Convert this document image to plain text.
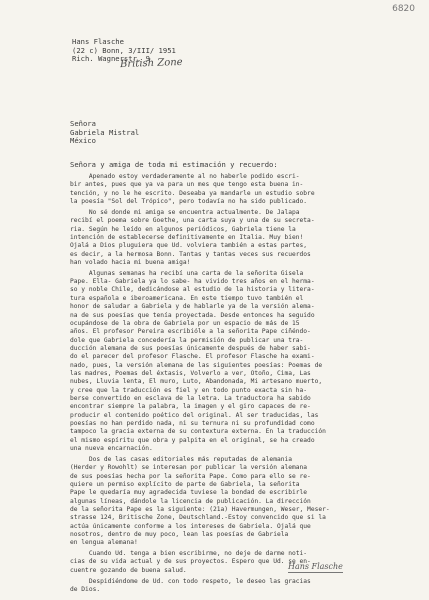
6820
Hans Flasche
(22 c) Bonn, 3/III/ 1951
Rich. Wagnerstr. 9
British Zone
Señora
Gabriela Mistral
México
Señora y amiga de toda mi estimación y recuerdo:

Apenado estoy verdaderamente al no haberle podido escri-
bir antes, pues que ya va para un mes que tengo esta buena in-
tención, y no le he escrito. Deseaba ya mandarle un estudio sobre
la poesía "Sol del Trópico", pero todavía no ha sido publicado.

No sé donde mi amiga se encuentra actualmente. De Jalapa
recibí el poema sobre Goethe, una carta suya y una de su secreta-
ria. Según he leído en algunos periódicos, Gabriela tiene la
intención de establecerse definitivamente en Italia. Muy bien!
Ojalá a Dios pluguiera que Ud. volviera también a estas partes,
es decir, a la hermosa Bonn. Tantas y tantas veces sus recuerdos
han volado hacia mi buena amiga!

Algunas semanas ha recibí una carta de la señorita Gisela
Pape. Ella- Gabriela ya lo sabe- ha vivido tres años en el herma-
so y noble Chile, dedicándose al estudio de la historia y litera-
tura española e iberoamericana. En este tiempo tuvo también el
honor de saludar a Gabriela y de hablarle ya de la versión alema-
na de sus poesías que tenía proyectada. Desde entonces ha seguido
ocupándose de la obra de Gabriela por un espacio de más de 15
años. El profesor Pereira escribióle a la señorita Pape ciñéndo-
dole que Gabriela concedería la permisión de publicar una tra-
ducción alemana de sus poesías únicamente después de haber sabi-
do el parecer del profesor Flasche. El profesor Flasche ha exami-
nado, pues, la versión alemana de las siguientes poesías: Poemas de
las madres, Poemas del éxtasis, Volverlo a ver, Otoño, Cima, Las
nubes, Lluvia lenta, El muro, Luto, Abandonada, Mi artesano muerto,
y cree que la traducción es fiel y en todo punto exacta sin ha-
berse convertido en esclava de la letra. La traductora ha sabido
encontrar siempre la palabra, la imagen y el giro capaces de re-
producir el contenido poético del original. Al ser traducidas, las
poesías no han perdido nada, ni su ternura ni su profundidad como
tampoco la gracia externa de su contextura externa. En la traducción
el mismo espíritu que obra y palpita en el original, se ha creado
una nueva encarnación.

Dos de las casas editoriales más reputadas de alemania
(Herder y Rowohlt) se interesan por publicar la versión alemana
de sus poesías hecha por la señorita Pape. Como para ello se re-
quiere un permiso explícito de parte de Gabriela, la señorita
Pape le quedaría muy agradecida tuviese la bondad de escribirle
algunas líneas, dándole la licencia de publicación. La dirección
de la señorita Pape es la siguiente: (21a) Havermungen, Weser, Meser-
strasse 124, Britische Zone, Deutschland.-Estoy convencido que si la
actúa únicamente conforme a los intereses de Gabriela. Ojalá que
nosotros, dentro de muy poco, lean las poesías de Gabriela
en lengua alemana!

Cuando Ud. tenga a bien escribirme, no deje de darme noti-
cias de su vida actual y de sus proyectos. Espero que Ud. se en-
cuentre gozando de buena salud.

Despidiéndome de Ud. con todo respeto, le deseo las gracias
de Dios.

Hans Flasche
